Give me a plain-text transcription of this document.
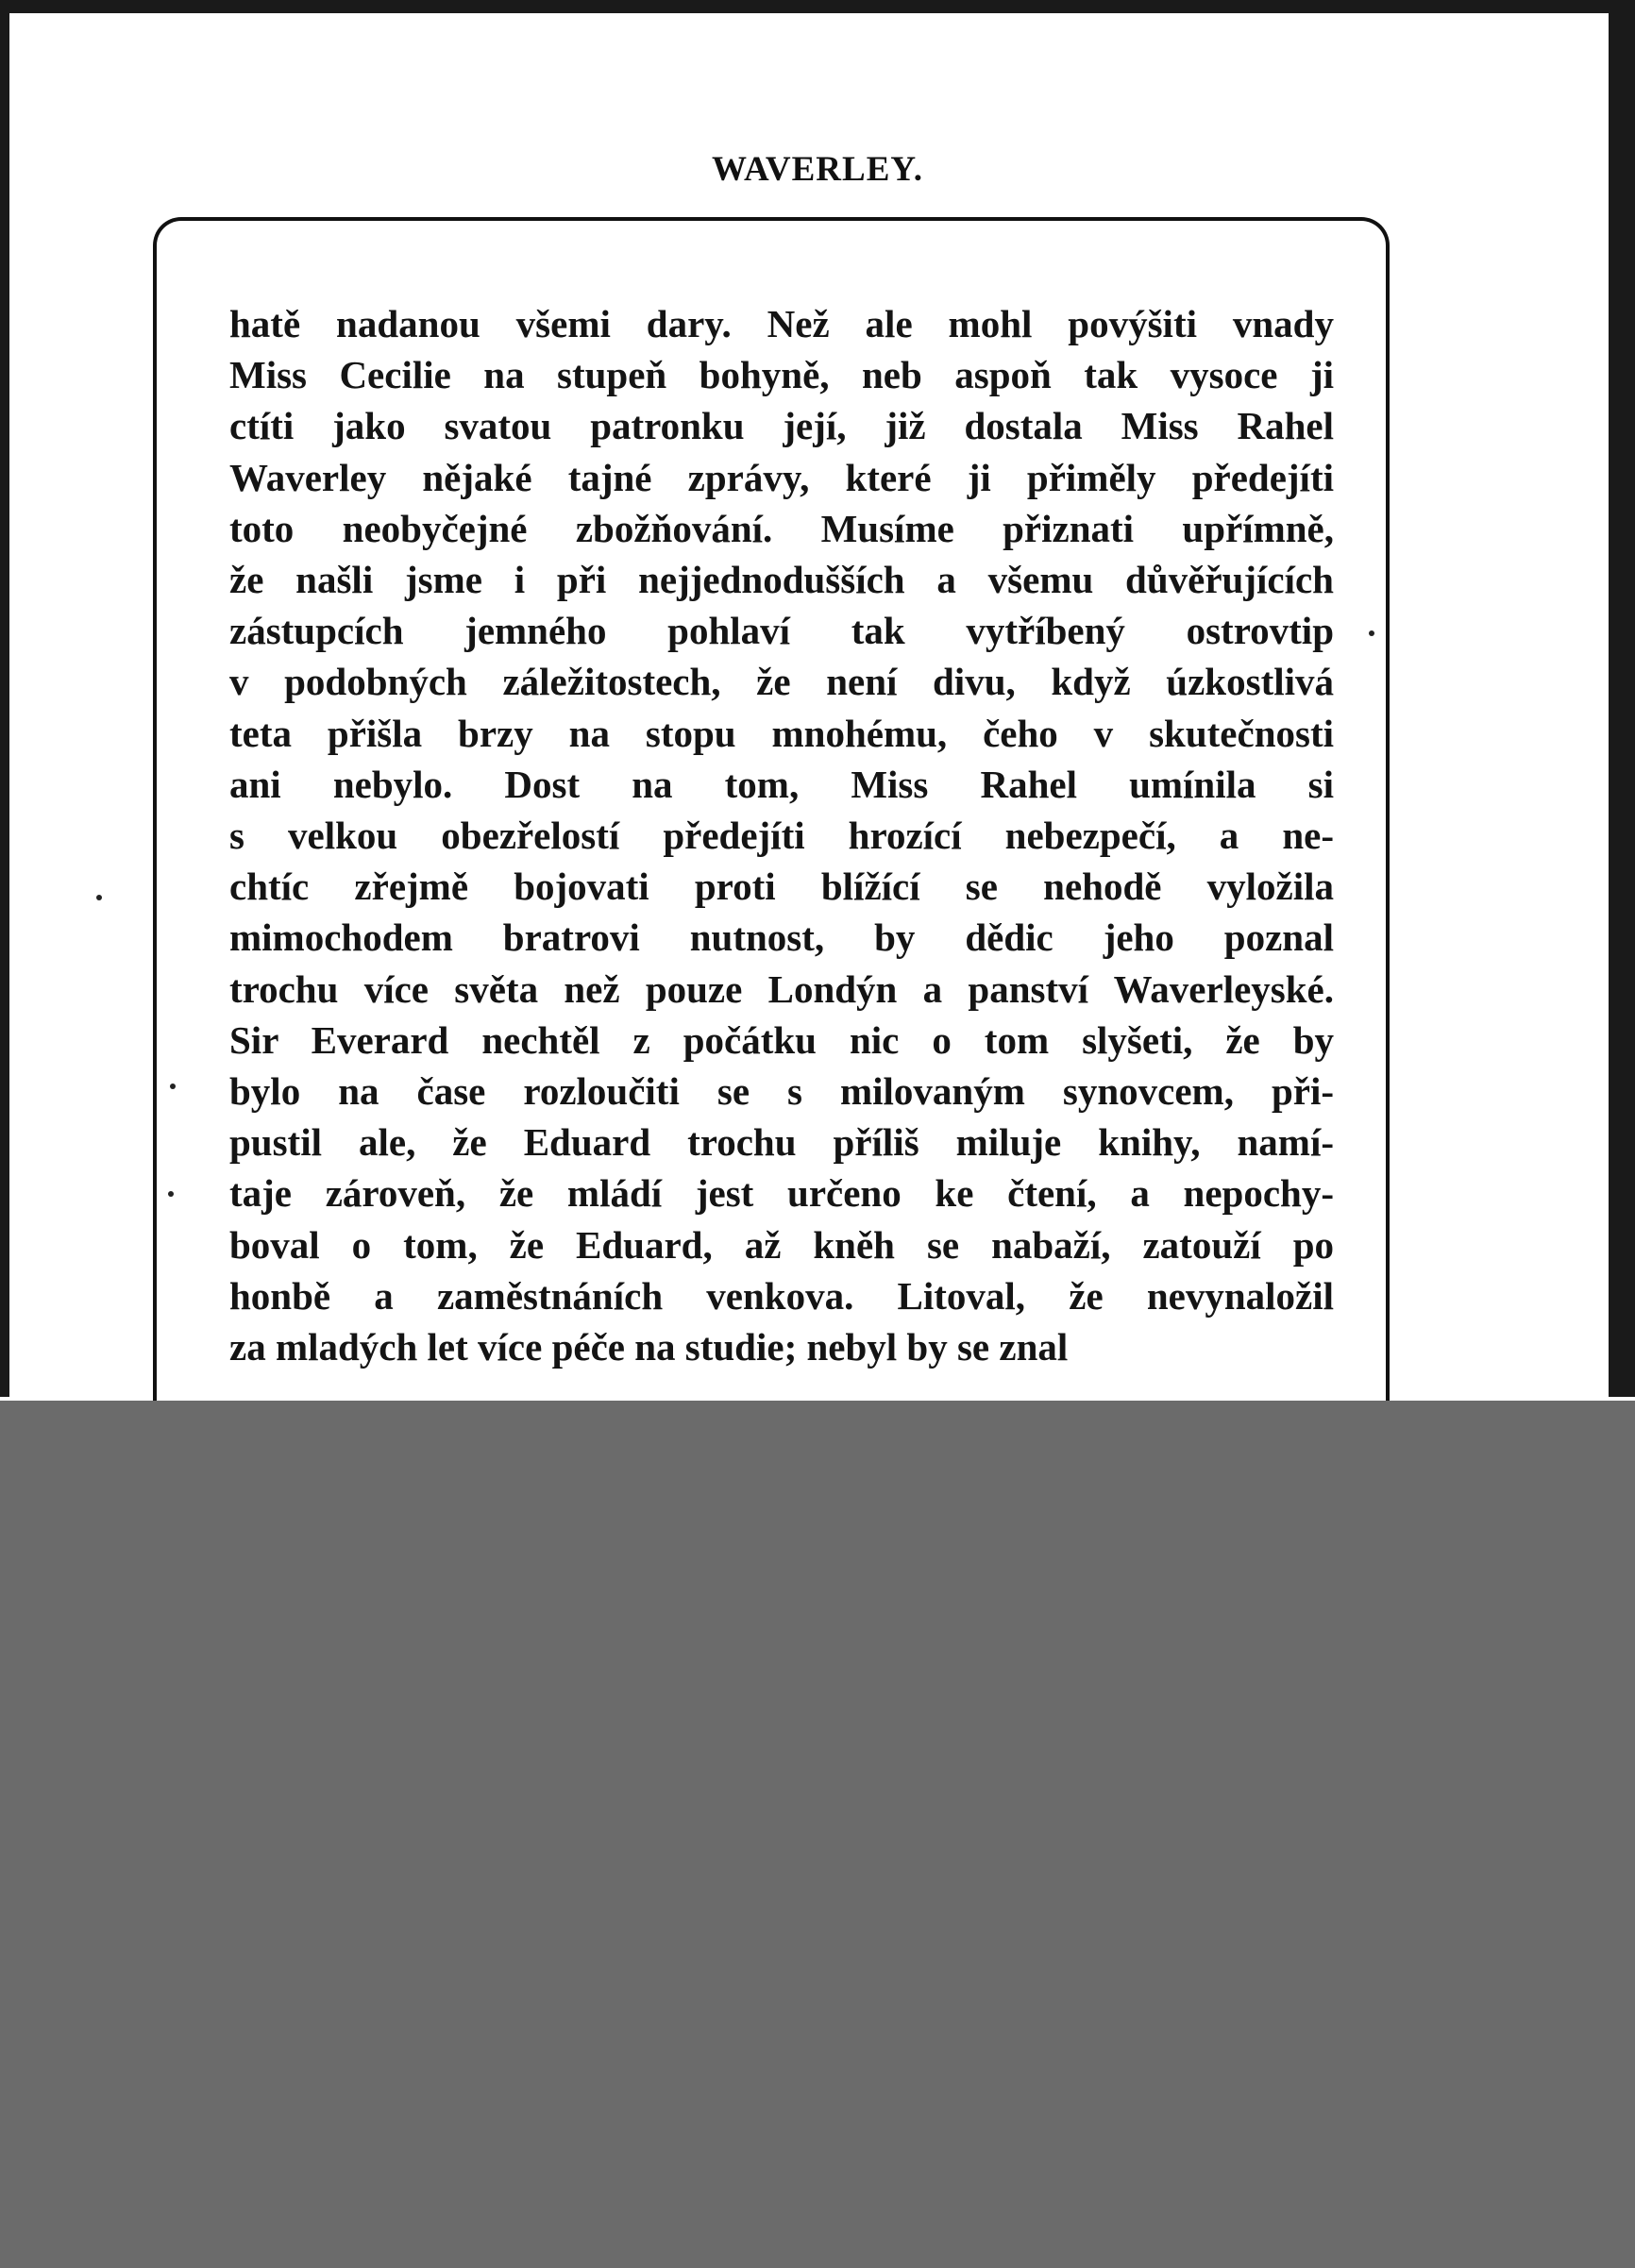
WAVERLEY.
hatě nadanou všemi dary. Než ale mohl povýšiti vnady
Miss Cecilie na stupeň bohyně, neb aspoň tak vysoce ji
ctíti jako svatou patronku její, již dostala Miss Rahel
Waverley nějaké tajné zprávy, které ji přiměly předejíti
toto neobyčejné zbožňování. Musíme přiznati upřímně,
že našli jsme i při nejjednodušších a všemu důvěřujících
zástupcích jemného pohlaví tak vytříbený ostrovtip
v podobných záležitostech, že není divu, když úzkostlivá
teta přišla brzy na stopu mnohému, čeho v skutečnosti
ani nebylo. Dost na tom, Miss Rahel umínila si
s velkou obezřelostí předejíti hrozící nebezpečí, a ne-
chtíc zřejmě bojovati proti blížící se nehodě vyložila
mimochodem bratrovi nutnost, by dědic jeho poznal
trochu více světa než pouze Londýn a panství Waverleyské.
Sir Everard nechtěl z počátku nic o tom slyšeti, že by
bylo na čase rozloučiti se s milovaným synovcem, při-
pustil ale, že Eduard trochu příliš miluje knihy, namí-
taje zároveň, že mládí jest určeno ke čtení, a nepochy-
boval o tom, že Eduard, až kněh se nabaží, zatouží po
honbě a zaměstnáních venkova. Litoval, že nevynaložil
za mladých let více péče na studie; nebyl by se znal
